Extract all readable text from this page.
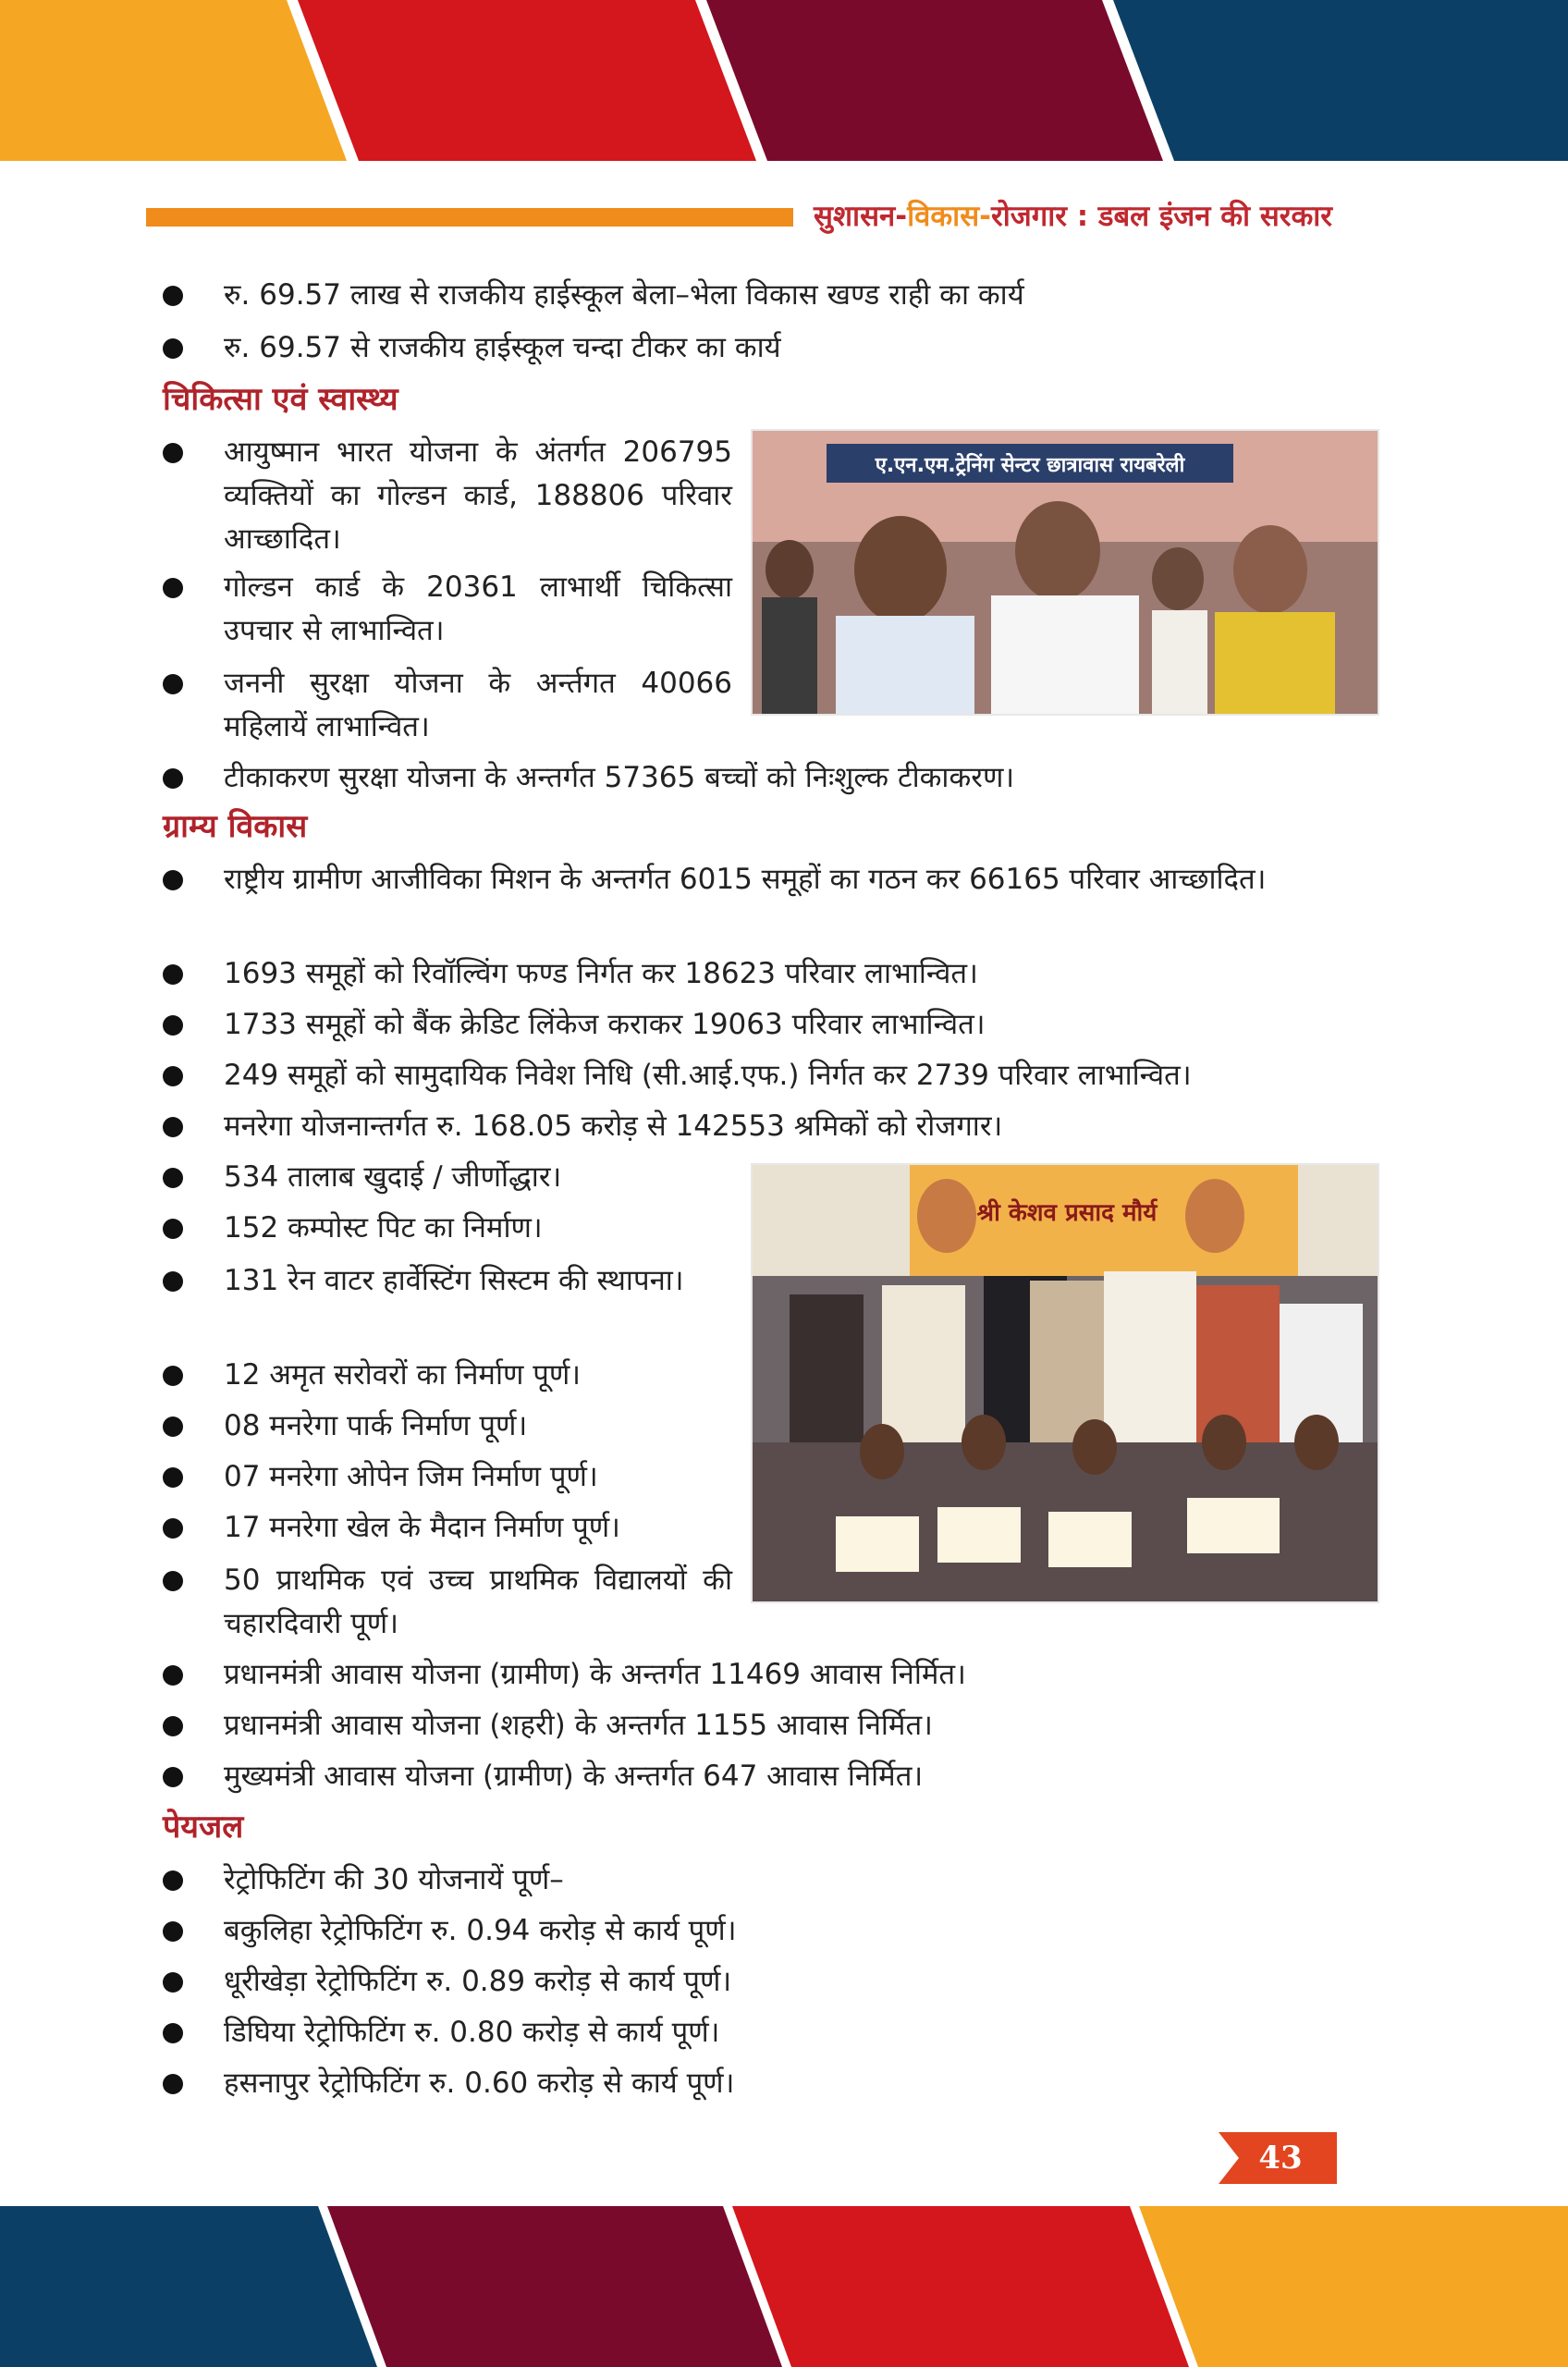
सुशासन-विकास-रोजगार : डबल इंजन की सरकार
रु. 69.57 लाख से राजकीय हाईस्कूल बेला–भेला विकास खण्ड राही का कार्य
रु. 69.57 से राजकीय हाईस्कूल चन्दा टीकर का कार्य
चिकित्सा एवं स्वास्थ्य
आयुष्मान भारत योजना के अंतर्गत 206795 व्यक्तियों का गोल्डन कार्ड, 188806 परिवार आच्छादित।
गोल्डन कार्ड के 20361 लाभार्थी चिकित्सा उपचार से लाभान्वित।
जननी सुरक्षा योजना के अर्न्तगत 40066 महिलायें लाभान्वित।
टीकाकरण सुरक्षा योजना के अन्तर्गत 57365 बच्चों को निःशुल्क टीकाकरण।
ए.एन.एम.ट्रेनिंग सेन्टर छात्रावास रायबरेली
ग्राम्य विकास
राष्ट्रीय ग्रामीण आजीविका मिशन के अन्तर्गत 6015 समूहों का गठन कर 66165 परिवार आच्छादित।
1693 समूहों को रिवॉल्विंग फण्ड निर्गत कर 18623 परिवार लाभान्वित।
1733 समूहों को बैंक क्रेडिट लिंकेज कराकर 19063 परिवार लाभान्वित।
249 समूहों को सामुदायिक निवेश निधि (सी.आई.एफ.) निर्गत कर 2739 परिवार लाभान्वित।
मनरेगा योजनान्तर्गत रु. 168.05 करोड़ से 142553 श्रमिकों को रोजगार।
534 तालाब खुदाई / जीर्णोद्धार।
152 कम्पोस्ट पिट का निर्माण।
131 रेन वाटर हार्वेस्टिंग सिस्टम की स्थापना।
12 अमृत सरोवरों का निर्माण पूर्ण।
08 मनरेगा पार्क निर्माण पूर्ण।
07 मनरेगा ओपेन जिम निर्माण पूर्ण।
17 मनरेगा खेल के मैदान निर्माण पूर्ण।
50 प्राथमिक एवं उच्च प्राथमिक विद्यालयों की चहारदिवारी पूर्ण।
प्रधानमंत्री आवास योजना (ग्रामीण) के अन्तर्गत 11469 आवास निर्मित।
प्रधानमंत्री आवास योजना (शहरी) के अन्तर्गत 1155 आवास निर्मित।
मुख्यमंत्री आवास योजना (ग्रामीण) के अन्तर्गत 647 आवास निर्मित।
श्री केशव प्रसाद मौर्य
पेयजल
रेट्रोफिटिंग की 30 योजनायें पूर्ण–
बकुलिहा रेट्रोफिटिंग रु. 0.94 करोड़ से कार्य पूर्ण।
धूरीखेड़ा रेट्रोफिटिंग रु. 0.89 करोड़ से कार्य पूर्ण।
डिघिया रेट्रोफिटिंग रु. 0.80 करोड़ से कार्य पूर्ण।
हसनापुर रेट्रोफिटिंग रु. 0.60 करोड़ से कार्य पूर्ण।
43
